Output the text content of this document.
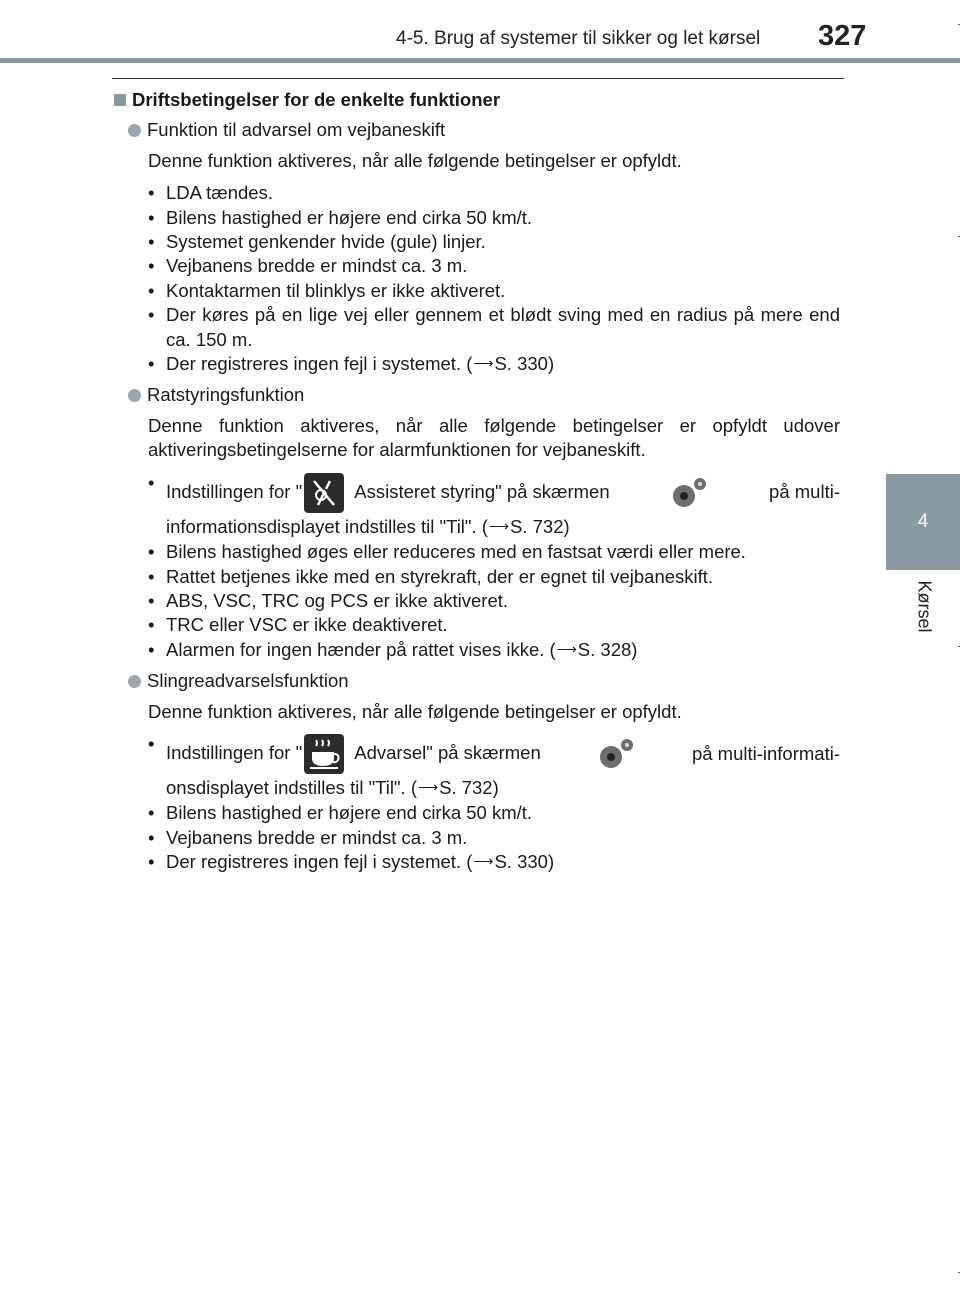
4-5. Brug af systemer til sikker og let kørsel 327
4
Kørsel
Driftsbetingelser for de enkelte funktioner
Funktion til advarsel om vejbaneskift
Denne funktion aktiveres, når alle følgende betingelser er opfyldt.
• LDA tændes.
• Bilens hastighed er højere end cirka 50 km/t.
• Systemet genkender hvide (gule) linjer.
• Vejbanens bredde er mindst ca. 3 m.
• Kontaktarmen til blinklys er ikke aktiveret.
• Der køres på en lige vej eller gennem et blødt sving med en radius på mere end ca. 150 m.
• Der registreres ingen fejl i systemet. (⟶S. 330)
Ratstyringsfunktion
Denne funktion aktiveres, når alle følgende betingelser er opfyldt udover aktiveringsbetingelserne for alarmfunktionen for vejbaneskift.
• Indstillingen for "	Assisteret styring" på skærmen	på multi-
informationsdisplayet indstilles til "Til". (⟶S. 732)
• Bilens hastighed øges eller reduceres med en fastsat værdi eller mere.
• Rattet betjenes ikke med en styrekraft, der er egnet til vejbaneskift.
• ABS, VSC, TRC og PCS er ikke aktiveret.
• TRC eller VSC er ikke deaktiveret.
• Alarmen for ingen hænder på rattet vises ikke. (⟶S. 328)
Slingreadvarselsfunktion
Denne funktion aktiveres, når alle følgende betingelser er opfyldt.
• Indstillingen for "	Advarsel" på skærmen	på multi-informati-
onsdisplayet indstilles til "Til". (⟶S. 732)
• Bilens hastighed er højere end cirka 50 km/t.
• Vejbanens bredde er mindst ca. 3 m.
• Der registreres ingen fejl i systemet. (⟶S. 330)
